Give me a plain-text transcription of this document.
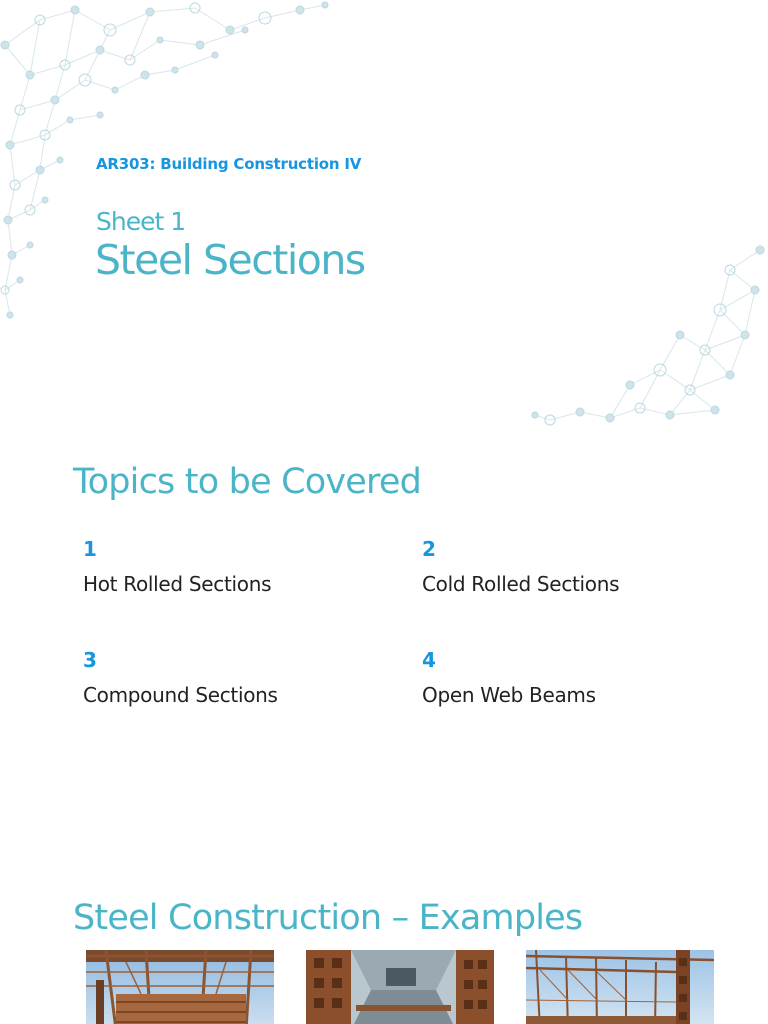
AR303: Building Construction IV
Sheet 1
Steel Sections
Topics to be Covered
1
Hot Rolled Sections
2
Cold Rolled Sections
3
Compound Sections
4
Open Web Beams
Steel Construction – Examples
